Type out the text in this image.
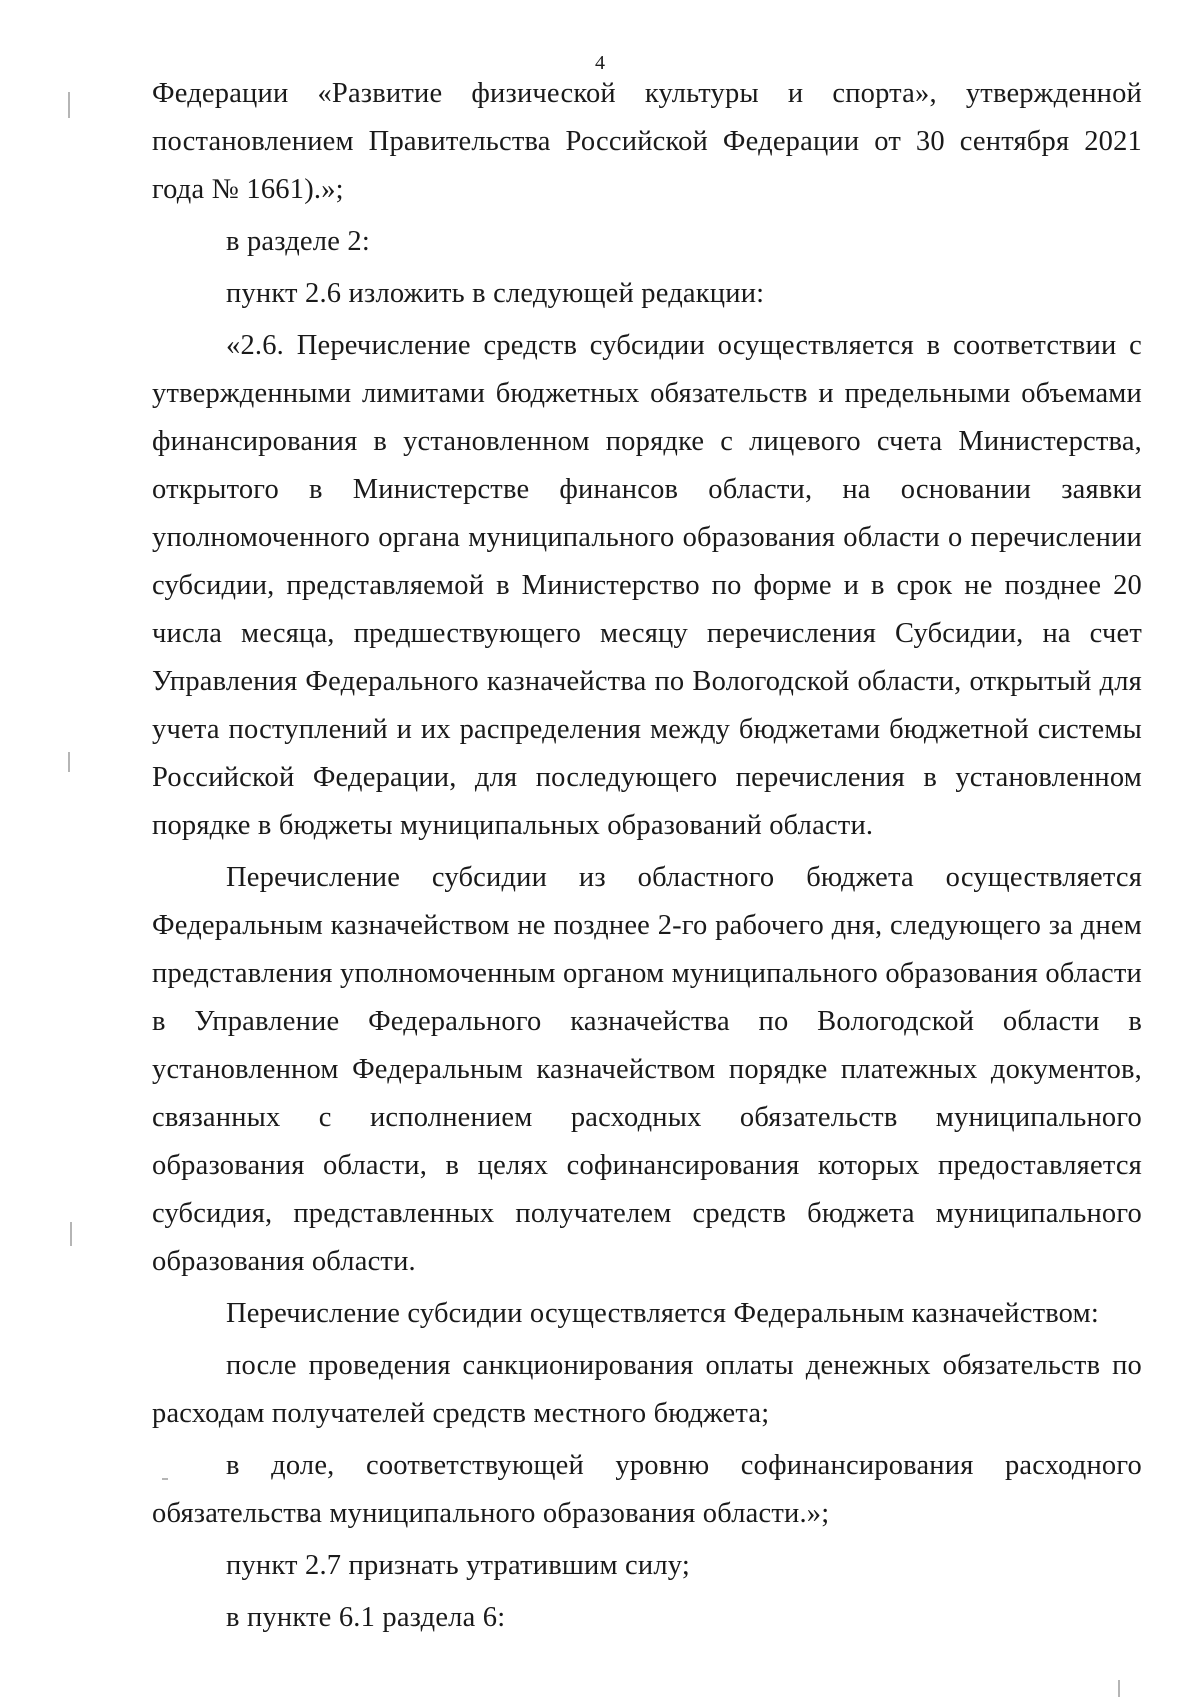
4

Федерации «Развитие физической культуры и спорта», утвержденной постановлением Правительства Российской Федерации от 30 сентября 2021 года № 1661).»;

в разделе 2:

пункт 2.6 изложить в следующей редакции:

«2.6. Перечисление средств субсидии осуществляется в соответствии с утвержденными лимитами бюджетных обязательств и предельными объемами финансирования в установленном порядке с лицевого счета Министерства, открытого в Министерстве финансов области, на основании заявки уполномоченного органа муниципального образования области о перечислении субсидии, представляемой в Министерство по форме и в срок не позднее 20 числа месяца, предшествующего месяцу перечисления Субсидии, на счет Управления Федерального казначейства по Вологодской области, открытый для учета поступлений и их распределения между бюджетами бюджетной системы Российской Федерации, для последующего перечисления в установленном порядке в бюджеты муниципальных образований области.

Перечисление субсидии из областного бюджета осуществляется Федеральным казначейством не позднее 2-го рабочего дня, следующего за днем представления уполномоченным органом муниципального образования области в Управление Федерального казначейства по Вологодской области в установленном Федеральным казначейством порядке платежных документов, связанных с исполнением расходных обязательств муниципального образования области, в целях софинансирования которых предоставляется субсидия, представленных получателем средств бюджета муниципального образования области.

Перечисление субсидии осуществляется Федеральным казначейством:

после проведения санкционирования оплаты денежных обязательств по расходам получателей средств местного бюджета;

в доле, соответствующей уровню софинансирования расходного обязательства муниципального образования области.»;

пункт 2.7 признать утратившим силу;

в пункте 6.1 раздела 6:
